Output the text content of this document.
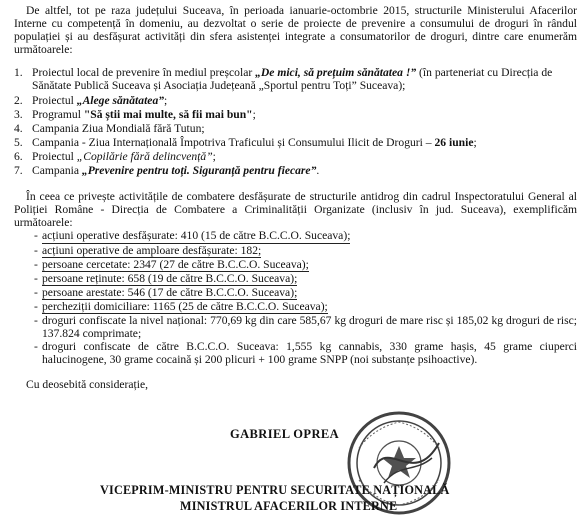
De altfel, tot pe raza județului Suceava, în perioada ianuarie-octombrie 2015, structurile Ministerului Afacerilor Interne cu competență în domeniu, au dezvoltat o serie de proiecte de prevenire a consumului de droguri în rândul populației și au desfășurat activități din sfera asistenței integrate a consumatorilor de droguri, dintre care enumerăm următoarele:

1. Proiectul local de prevenire în mediul preșcolar „De mici, să prețuim sănătatea !” (în parteneriat cu Direcția de Sănătate Publică Suceava și Asociația Județeană „Sportul pentru Toți” Suceava);
2. Proiectul „Alege sănătatea”;
3. Programul "Să știi mai multe, să fii mai bun";
4. Campania Ziua Mondială fără Tutun;
5. Campania - Ziua Internațională Împotriva Traficului și Consumului Ilicit de Droguri – 26 iunie;
6. Proiectul „Copilărie fără delincvență”;
7. Campania „Prevenire pentru toți. Siguranță pentru fiecare”.

În ceea ce privește activitățile de combatere desfășurate de structurile antidrog din cadrul Inspectoratului General al Poliției Române - Direcția de Combatere a Criminalității Organizate (inclusiv în jud. Suceava), exemplificăm următoarele:

- acțiuni operative desfășurate: 410 (15 de către B.C.C.O. Suceava);
- acțiuni operative de amploare desfășurate: 182;
- persoane cercetate: 2347 (27 de către B.C.C.O. Suceava);
- persoane reținute: 658 (19 de către B.C.C.O. Suceava);
- persoane arestate: 546 (17 de către B.C.C.O. Suceava);
- percheziții domiciliare: 1165 (25 de către B.C.C.O. Suceava);
- droguri confiscate la nivel național: 770,69 kg din care 585,67 kg droguri de mare risc și 185,02 kg droguri de risc; 137.824 comprimate;
- droguri confiscate de către B.C.C.O. Suceava: 1,555 kg cannabis, 330 grame hașis, 45 grame ciuperci halucinogene, 30 grame cocaină și 200 plicuri + 100 grame SNPP (noi substanțe psihoactive).

Cu deosebită considerație,

GABRIEL OPREA
VICEPRIM-MINISTRU PENTRU SECURITATE NAȚIONALĂ
MINISTRUL AFACERILOR INTERNE
